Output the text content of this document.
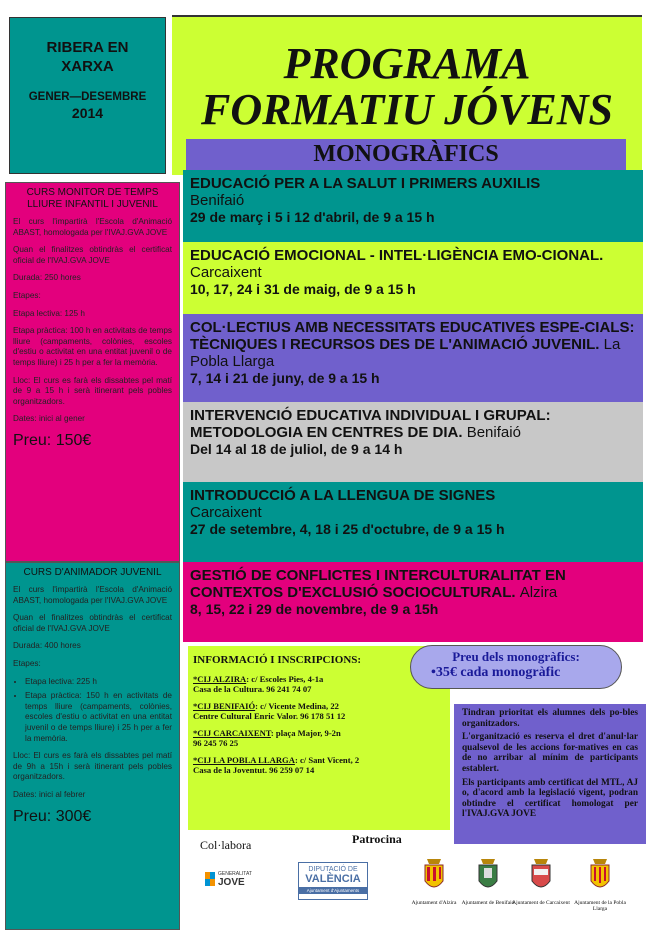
RIBERA EN
XARXA
GENER—DESEMBRE
2014
PROGRAMA
FORMATIU JÓVENS
MONOGRÀFICS
CURS MONITOR DE TEMPS LLIURE INFANTIL I JUVENIL

El curs l'impartirà l'Escola d'Animació ABAST, homologada per l'IVAJ.GVA JOVE

Quan el finalitzes obtindràs el certificat oficial de l'IVAJ.GVA JOVE

Durada: 250 hores

Etapes:

Etapa lectiva: 125 h

Etapa pràctica: 100 h en activitats de temps lliure (campaments, colònies, escoles d'estiu o activitat en una entitat juvenil o de temps lliure) i 25 h per a fer la memòria.

Lloc: El curs es farà els dissabtes pel matí de 9 a 15 h i serà itinerant pels pobles organitzadors.

Dates: inici al gener

Preu: 150€
CURS D'ANIMADOR JUVENIL

El curs l'impartirà l'Escola d'Animació ABAST, homologada per l'IVAJ.GVA JOVE

Quan el finalitzes obtindràs el certificat oficial de l'IVAJ.GVA JOVE

Durada: 400 hores

Etapes:

• Etapa lectiva: 225 h
• Etapa pràctica: 150 h en activitats de temps lliure (campaments, colònies, escoles d'estiu o activitat en una entitat juvenil o de temps lliure) i 25 h per a fer la memòria.

Lloc: El curs es farà els dissabtes pel matí de 9h a 15h i serà itinerant pels pobles organitzadors.

Dates: inici al febrer

Preu: 300€
EDUCACIÓ PER A LA SALUT I PRIMERS AUXILIS
Benifaió
29 de març i 5 i 12 d'abril, de 9 a 15 h
EDUCACIÓ EMOCIONAL - INTEL·LIGÈNCIA EMO-CIONAL. Carcaixent
10, 17, 24 i 31 de maig, de 9 a 15 h
COL·LECTIUS AMB NECESSITATS EDUCATIVES ESPE-CIALS: TÈCNIQUES I RECURSOS DES DE L'ANIMACIÓ JUVENIL. La Pobla Llarga
7, 14 i 21 de juny, de 9 a 15 h
INTERVENCIÓ EDUCATIVA INDIVIDUAL I GRUPAL: METODOLOGIA EN CENTRES DE DIA. Benifaió
Del 14 al 18 de juliol, de 9 a 14 h
INTRODUCCIÓ A LA LLENGUA DE SIGNES
Carcaixent
27 de setembre, 4, 18 i 25 d'octubre, de 9 a 15 h
GESTIÓ DE CONFLICTES I INTERCULTURALITAT EN CONTEXTOS D'EXCLUSIÓ SOCIOCULTURAL. Alzira
8, 15, 22 i 29 de novembre, de 9 a 15h
INFORMACIÓ I INSCRIPCIONS:
*CIJ ALZIRA: c/ Escoles Pies, 4-1a
Casa de la Cultura. 96 241 74 07
*CIJ BENIFAIÓ: c/ Vicente Medina, 22
Centre Cultural Enric Valor. 96 178 51 12
*CIJ CARCAIXENT: plaça Major, 9-2n
96 245 76 25
*CIJ LA POBLA LLARGA: c/ Sant Vicent, 2
Casa de la Joventut. 96 259 07 14
Preu dels monogràfics:
•35€ cada monogràfic

Tindran prioritat els alumnes dels po-bles organitzadors.

L'organització es reserva el dret d'anul·lar qualsevol de les accions for-matives en cas de no arribar al mínim de participants establert.

Els participants amb certificat del MTL, AJ o, d'acord amb la legislació vigent, podran obtindre el certificat homologat per l'IVAJ.GVA JOVE

Col·labora	Patrocina
GENERALITAT
JOVE
DIPUTACIÓ DE
VALÈNCIA
Ajuntament d'Ajuntaments
Ajuntament d'Alzira Ajuntament de Benifaió
Ajuntament de Carcaixent Ajuntament de la Pobla Llarga
